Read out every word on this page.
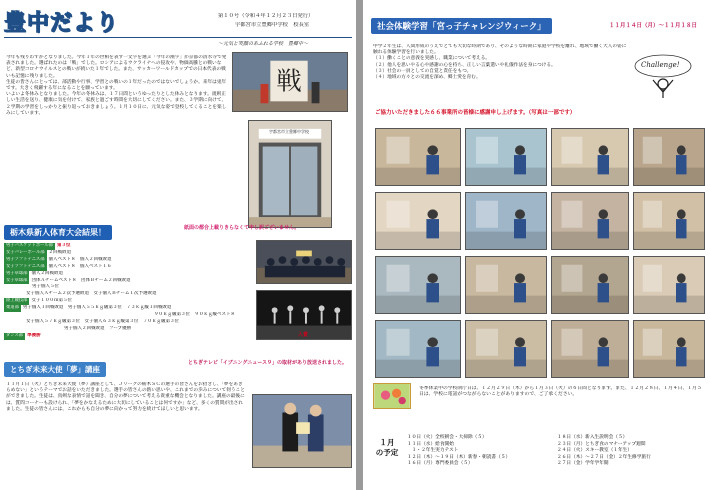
豊中だより	第１０号（令和４年１２月２３日発行）
宇都宮市立豊郷中学校　校長室
～元気と笑顔のあふれる学校　豊郷中～

今年も残りわずかとなりました。今年１年の世相を表す一文字を選ぶ「今年の漢字」が京都の清水寺で発表されました。選ばれたのは「戦」でした。ロシアによるウクライナへの侵攻や、物価高騰との戦いなど、新型コロナウイルスとの戦いが続いた１年でした。また、サッカーワールドカップでの日本代表の戦いも記憶に残りました。

生徒の皆さんにとっては、部活動や行事、学習との戦いの１年だったのではないでしょうか。来年は兎年です。大きく飛躍する年になることを願っています。

いよいよ冬休みとなりました。今年の冬休みは、１７日間というゆったりとした休みとなります。規則正しい生活を送り、健康に気を付けて、家族と過ごす時間を大切にしてください。また、３学期に向けて、２学期の学習をしっかりと振り返っておきましょう。１月１０日に、元気な姿で登校してくることを楽しみにしています。

戦
宇都宮市立豊郷中学校
栃木県新人体育大会結果！	紙面の都合上載りきらなくて申し訳ございません。
男子バスケットボール部 第３位
女子バレーボール部 ２回戦敗退
男子ソフトテニス部 個人ベスト８　個人２回戦敗退
女子ソフトテニス部 個人ベスト８　個人ベスト１６
男子卓球部 個人２回戦敗退
女子卓球部 団体Ａチームベスト８　団体Ｂチーム２回戦敗退
男子個人５位
女子個人Ａチーム２次予選敗退　女子個人Ｂチーム１次予選敗退
陸上競技部 女子１００ｍ第５位
柔道部 男子個人１回戦敗退　男子個人５５ｋｇ級第３位　７３ｋｇ級１回戦敗退
９０ｋｇ級第３位　９０ｋｇ級ベスト８
女子個人５７ｋｇ級第３位　女子個人６３ｋｇ級第３位　７０ｋｇ級第３位
男子個人２回戦敗退　フープ優勝
ダンス部 準優勝	入賞
とちぎ未来大使「夢」講座
とちぎテレビ「イブニングニュース９」の取材があり放送されました。

１１月１日（火）とちぎ未来大使（夢）講座として、Ｊリーグの栃木ＳＣの選手の皆さんをお招きし、「夢をあきらめない」というテーマでお話をいただきました。選手の皆さんの熱い思いや、これまでの歩みについて伺うことができました。生徒は、真剣な表情で話を聞き、自分の夢について考える貴重な機会となりました。講座の最後には、質問コーナーも設けられ、「夢をかなえるために大切にしていることは何ですか」など、多くの質問が出されました。生徒の皆さんには、これからも自分の夢に向かって努力を続けてほしいと思います。

社会体験学習「宮っ子チャレンジウィーク」	１１月１４日（月）～１１月１８日

中学２年生は、人間形成のうえでとても大切な時期であり、そのような時期に家庭や学校を離れ、地域で働く大人の姿に触れる体験学習を行いました。

（１）働くことの意義を実感し、職業について考える。

（２）他人を思いやる心や感謝の心を持ち、正しい言葉遣いや礼儀作法を身につける。

（３）社会の一員としての自覚と責任をもつ。

（４）地域の方々との交流を深め、郷土愛を育む。

Challenge!
ご協力いただきました６６事業所の皆様に感謝申し上げます。（写真は一部です）
冬季休業中の学校閉庁日は、１２月２９日（木）から１月３日（火）の６日間となります。また、１２月２８日、１月４日、１月５日は、学校に電話がつながらないことがありますので、ご了承ください。
１月
の予定
１０日（火）全校朝会・大掃除（５）
１１日（水）給食開始
　１・２年生実力テスト
１２日（木）～１９日（木）新春・朝読書（５）
１６日（月）専門委員会（５）
１８日（水）新入生説明会（５）
２３日（月）とちぎ食のマナーアップ週間
２４日（火）スキー教室（１年生）
２６日（木）～２７日（金）２年生修学旅行
２７日（金）学年学年開
